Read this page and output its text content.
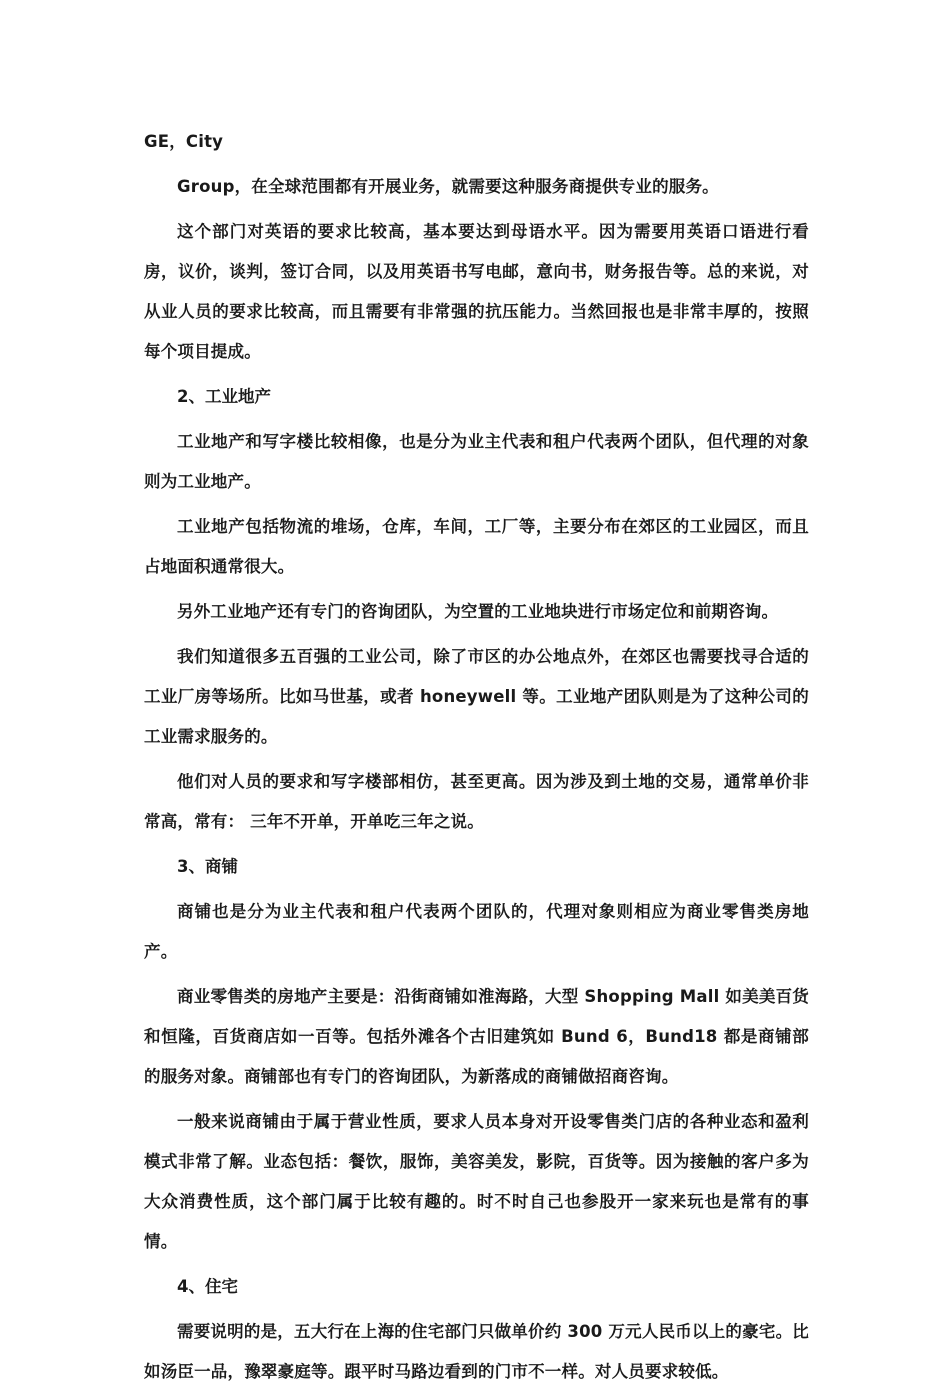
GE，City

Group，在全球范围都有开展业务，就需要这种服务商提供专业的服务。

这个部门对英语的要求比较高，基本要达到母语水平。因为需要用英语口语进行看房，议价，谈判，签订合同，以及用英语书写电邮，意向书，财务报告等。总的来说，对从业人员的要求比较高，而且需要有非常强的抗压能力。当然回报也是非常丰厚的，按照每个项目提成。

2、工业地产

工业地产和写字楼比较相像，也是分为业主代表和租户代表两个团队，但代理的对象则为工业地产。

工业地产包括物流的堆场，仓库，车间，工厂等，主要分布在郊区的工业园区，而且占地面积通常很大。

另外工业地产还有专门的咨询团队，为空置的工业地块进行市场定位和前期咨询。

我们知道很多五百强的工业公司，除了市区的办公地点外，在郊区也需要找寻合适的工业厂房等场所。比如马世基，或者 honeywell 等。工业地产团队则是为了这种公司的工业需求服务的。

他们对人员的要求和写字楼部相仿，甚至更高。因为涉及到土地的交易，通常单价非常高，常有： 三年不开单，开单吃三年之说。

3、商铺

商铺也是分为业主代表和租户代表两个团队的，代理对象则相应为商业零售类房地产。

商业零售类的房地产主要是：沿街商铺如淮海路，大型 Shopping Mall 如美美百货和恒隆，百货商店如一百等。包括外滩各个古旧建筑如 Bund 6，Bund18 都是商铺部的服务对象。商铺部也有专门的咨询团队，为新落成的商铺做招商咨询。

一般来说商铺由于属于营业性质，要求人员本身对开设零售类门店的各种业态和盈利模式非常了解。业态包括：餐饮，服饰，美容美发，影院，百货等。因为接触的客户多为大众消费性质，这个部门属于比较有趣的。时不时自己也参股开一家来玩也是常有的事情。

4、住宅

需要说明的是，五大行在上海的住宅部门只做单价约 300 万元人民币以上的豪宅。比如汤臣一品，豫翠豪庭等。跟平时马路边看到的门市不一样。对人员要求较低。
